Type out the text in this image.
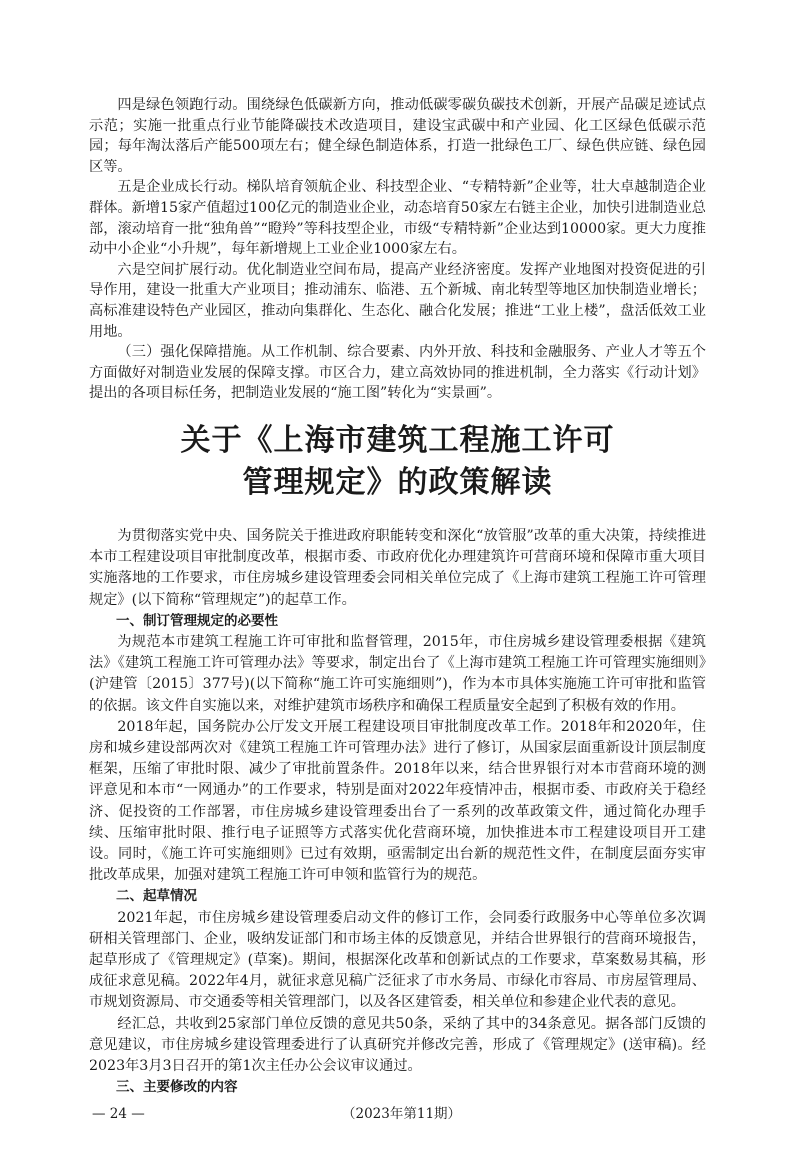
四是绿色领跑行动。围绕绿色低碳新方向，推动低碳零碳负碳技术创新，开展产品碳足迹试点示范；实施一批重点行业节能降碳技术改造项目，建设宝武碳中和产业园、化工区绿色低碳示范园；每年淘汰落后产能500项左右；健全绿色制造体系，打造一批绿色工厂、绿色供应链、绿色园区等。

五是企业成长行动。梯队培育领航企业、科技型企业、“专精特新”企业等，壮大卓越制造企业群体。新增15家产值超过100亿元的制造业企业，动态培育50家左右链主企业，加快引进制造业总部，滚动培育一批“独角兽”“瞪羚”等科技型企业，市级“专精特新”企业达到10000家。更大力度推动中小企业“小升规”，每年新增规上工业企业1000家左右。

六是空间扩展行动。优化制造业空间布局，提高产业经济密度。发挥产业地图对投资促进的引导作用，建设一批重大产业项目；推动浦东、临港、五个新城、南北转型等地区加快制造业增长；高标准建设特色产业园区，推动向集群化、生态化、融合化发展；推进“工业上楼”，盘活低效工业用地。

（三）强化保障措施。从工作机制、综合要素、内外开放、科技和金融服务、产业人才等五个方面做好对制造业发展的保障支撑。市区合力，建立高效协同的推进机制，全力落实《行动计划》提出的各项目标任务，把制造业发展的“施工图”转化为“实景画”。

关于《上海市建筑工程施工许可
管理规定》的政策解读

为贯彻落实党中央、国务院关于推进政府职能转变和深化“放管服”改革的重大决策，持续推进本市工程建设项目审批制度改革，根据市委、市政府优化办理建筑许可营商环境和保障市重大项目实施落地的工作要求，市住房城乡建设管理委会同相关单位完成了《上海市建筑工程施工许可管理规定》(以下简称“管理规定”)的起草工作。

一、制订管理规定的必要性

为规范本市建筑工程施工许可审批和监督管理，2015年，市住房城乡建设管理委根据《建筑法》《建筑工程施工许可管理办法》等要求，制定出台了《上海市建筑工程施工许可管理实施细则》(沪建管〔2015〕377号)(以下简称“施工许可实施细则”)，作为本市具体实施施工许可审批和监管的依据。该文件自实施以来，对维护建筑市场秩序和确保工程质量安全起到了积极有效的作用。

2018年起，国务院办公厅发文开展工程建设项目审批制度改革工作。2018年和2020年，住房和城乡建设部两次对《建筑工程施工许可管理办法》进行了修订，从国家层面重新设计顶层制度框架，压缩了审批时限、减少了审批前置条件。2018年以来，结合世界银行对本市营商环境的测评意见和本市“一网通办”的工作要求，特别是面对2022年疫情冲击，根据市委、市政府关于稳经济、促投资的工作部署，市住房城乡建设管理委出台了一系列的改革政策文件，通过简化办理手续、压缩审批时限、推行电子证照等方式落实优化营商环境，加快推进本市工程建设项目开工建设。同时，《施工许可实施细则》已过有效期，亟需制定出台新的规范性文件，在制度层面夯实审批改革成果，加强对建筑工程施工许可申领和监管行为的规范。

二、起草情况

2021年起，市住房城乡建设管理委启动文件的修订工作，会同委行政服务中心等单位多次调研相关管理部门、企业，吸纳发证部门和市场主体的反馈意见，并结合世界银行的营商环境报告，起草形成了《管理规定》(草案)。期间，根据深化改革和创新试点的工作要求，草案数易其稿，形成征求意见稿。2022年4月，就征求意见稿广泛征求了市水务局、市绿化市容局、市房屋管理局、市规划资源局、市交通委等相关管理部门，以及各区建管委，相关单位和参建企业代表的意见。

经汇总，共收到25家部门单位反馈的意见共50条，采纳了其中的34条意见。据各部门反馈的意见建议，市住房城乡建设管理委进行了认真研究并修改完善，形成了《管理规定》(送审稿)。经2023年3月3日召开的第1次主任办公会议审议通过。

三、主要修改的内容

— 24 —	（2023年第11期）
